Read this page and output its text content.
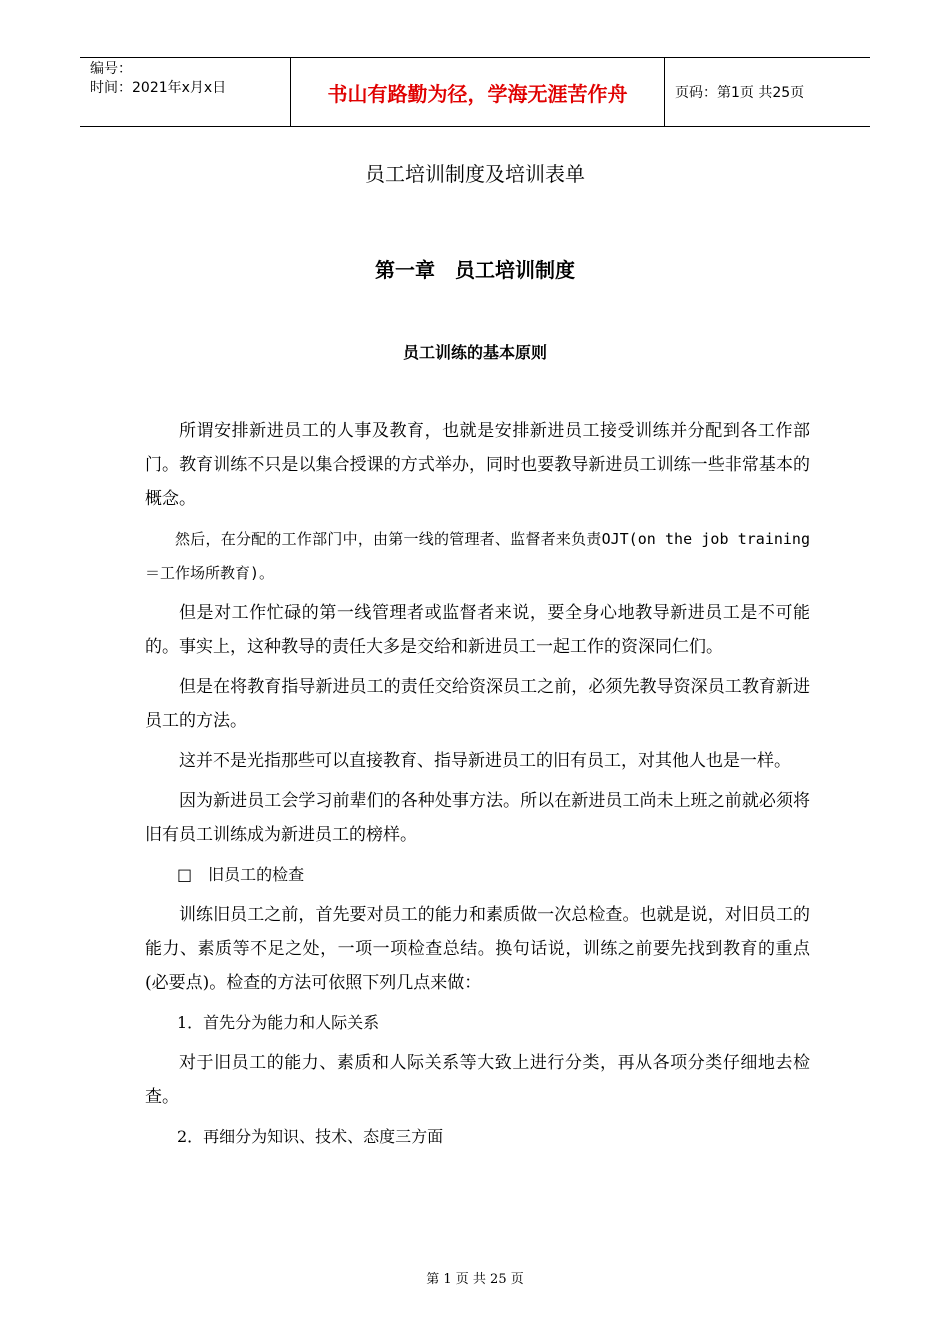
编号：
时间：2021年x月x日	书山有路勤为径，学海无涯苦作舟	页码：第1页 共25页
员工培训制度及培训表单
第一章　员工培训制度
员工训练的基本原则

所谓安排新进员工的人事及教育，也就是安排新进员工接受训练并分配到各工作部门。教育训练不只是以集合授课的方式举办，同时也要教导新进员工训练一些非常基本的概念。

然后，在分配的工作部门中，由第一线的管理者、监督者来负责OJT(on the job training＝工作场所教育)。

但是对工作忙碌的第一线管理者或监督者来说，要全身心地教导新进员工是不可能的。事实上，这种教导的责任大多是交给和新进员工一起工作的资深同仁们。

但是在将教育指导新进员工的责任交给资深员工之前，必须先教导资深员工教育新进员工的方法。

这并不是光指那些可以直接教育、指导新进员工的旧有员工，对其他人也是一样。

因为新进员工会学习前辈们的各种处事方法。所以在新进员工尚未上班之前就必须将旧有员工训练成为新进员工的榜样。

□　旧员工的检查

训练旧员工之前，首先要对员工的能力和素质做一次总检查。也就是说，对旧员工的能力、素质等不足之处，一项一项检查总结。换句话说，训练之前要先找到教育的重点(必要点)。检查的方法可依照下列几点来做：

1．首先分为能力和人际关系

对于旧员工的能力、素质和人际关系等大致上进行分类，再从各项分类仔细地去检查。

2．再细分为知识、技术、态度三方面

第 1 页 共 25 页
